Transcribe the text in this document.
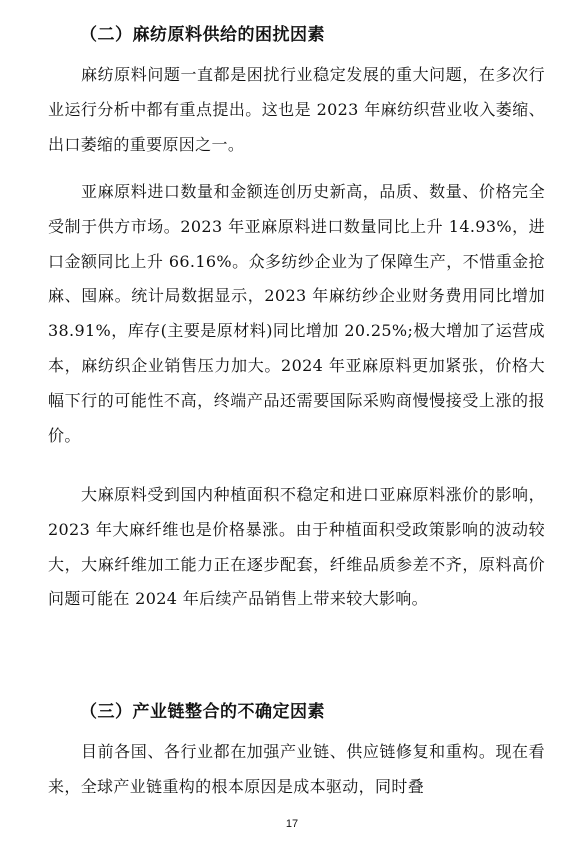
（二）麻纺原料供给的困扰因素

麻纺原料问题一直都是困扰行业稳定发展的重大问题，在多次行业运行分析中都有重点提出。这也是 2023 年麻纺织营业收入萎缩、出口萎缩的重要原因之一。

亚麻原料进口数量和金额连创历史新高，品质、数量、价格完全受制于供方市场。2023 年亚麻原料进口数量同比上升 14.93%，进口金额同比上升 66.16%。众多纺纱企业为了保障生产，不惜重金抢麻、囤麻。统计局数据显示，2023 年麻纺纱企业财务费用同比增加 38.91%，库存(主要是原材料)同比增加 20.25%;极大增加了运营成本，麻纺织企业销售压力加大。2024 年亚麻原料更加紧张，价格大幅下行的可能性不高，终端产品还需要国际采购商慢慢接受上涨的报价。

大麻原料受到国内种植面积不稳定和进口亚麻原料涨价的影响，2023 年大麻纤维也是价格暴涨。由于种植面积受政策影响的波动较大，大麻纤维加工能力正在逐步配套，纤维品质参差不齐，原料高价问题可能在 2024 年后续产品销售上带来较大影响。

（三）产业链整合的不确定因素

目前各国、各行业都在加强产业链、供应链修复和重构。现在看来，全球产业链重构的根本原因是成本驱动，同时叠

17
